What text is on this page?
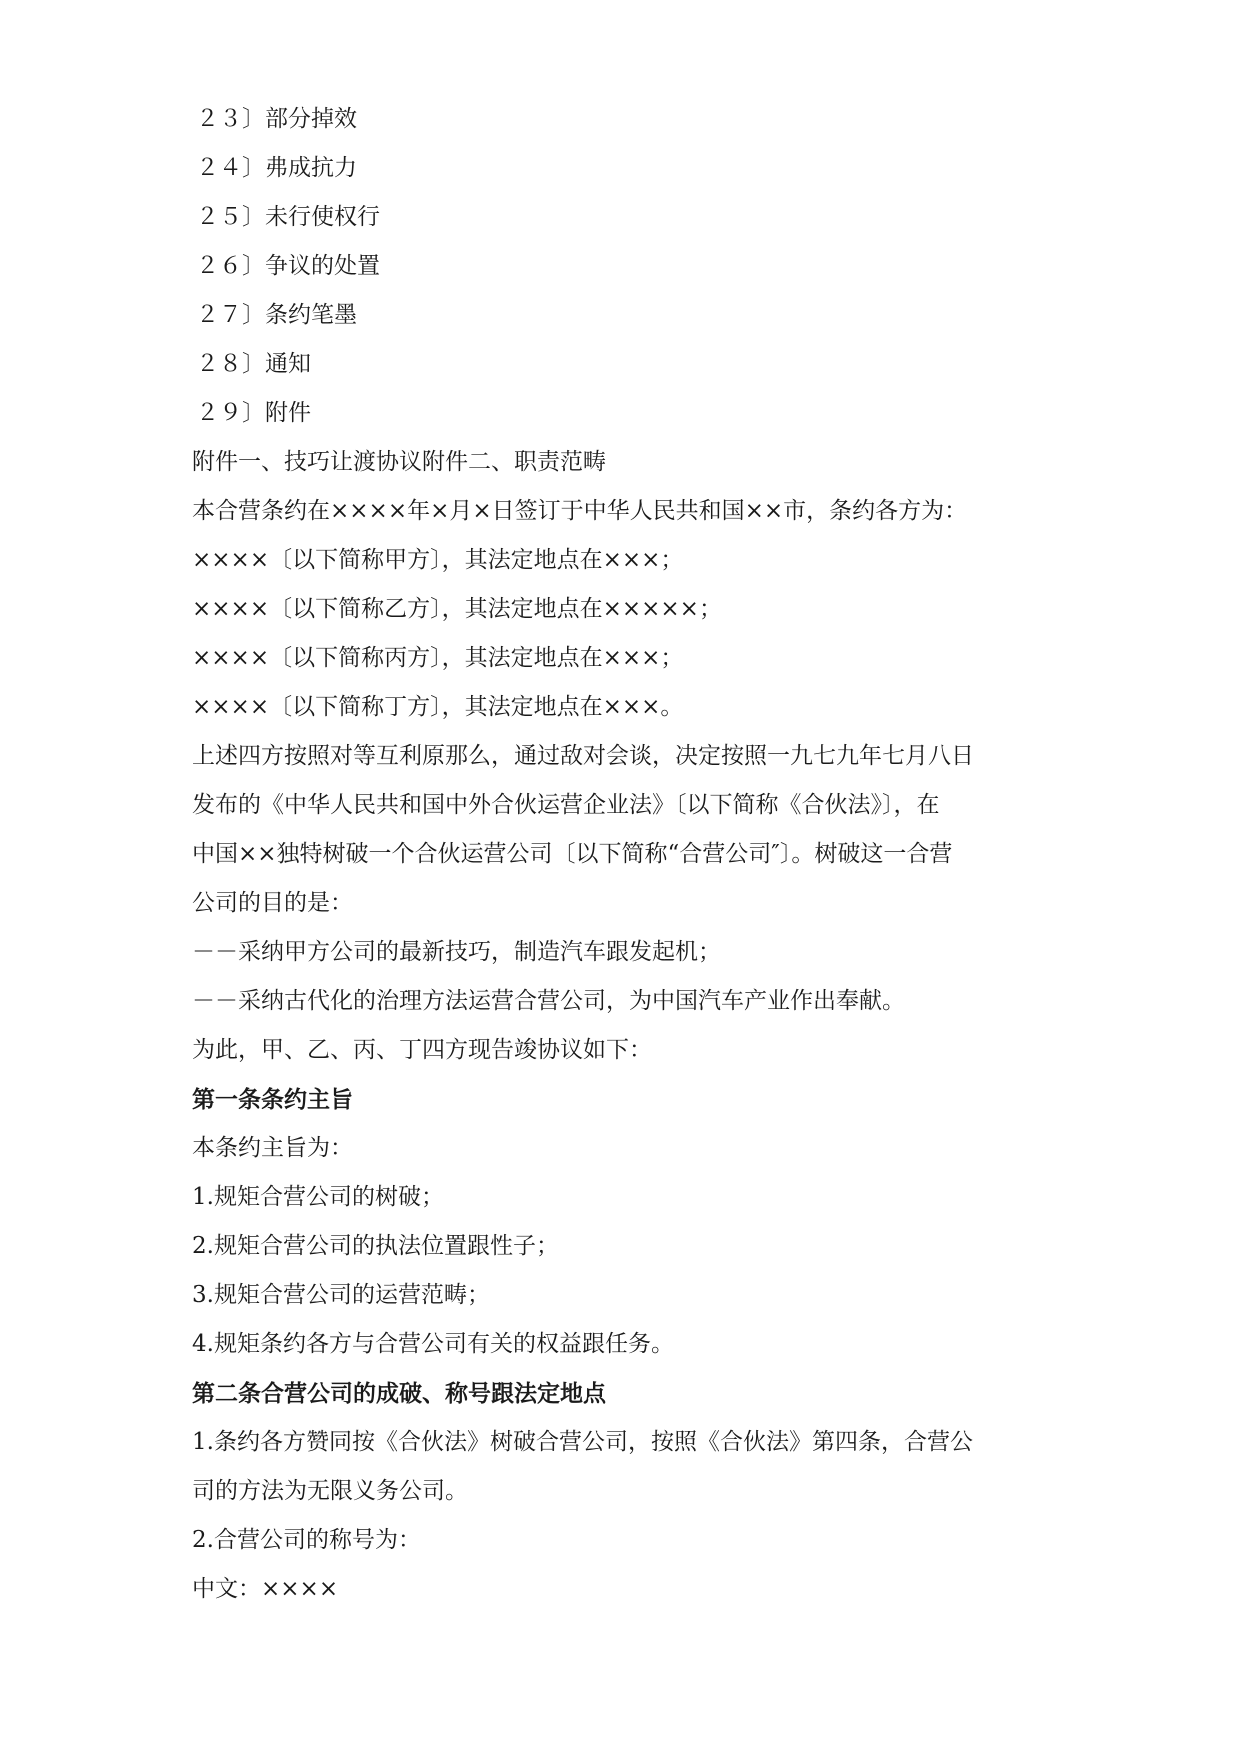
２３〕部分掉效
２４〕弗成抗力
２５〕未行使权行
２６〕争议的处置
２７〕条约笔墨
２８〕通知
２９〕附件
附件一、技巧让渡协议附件二、职责范畴
本合营条约在××××年×月×日签订于中华人民共和国××市，条约各方为：
××××〔以下简称甲方〕，其法定地点在×××；
××××〔以下简称乙方〕，其法定地点在×××××；
××××〔以下简称丙方〕，其法定地点在×××；
××××〔以下简称丁方〕，其法定地点在×××。
上述四方按照对等互利原那么，通过敌对会谈，决定按照一九七九年七月八日
发布的《中华人民共和国中外合伙运营企业法》〔以下简称《合伙法》〕，在
中国××独特树破一个合伙运营公司〔以下简称“合营公司″〕。树破这一合营
公司的目的是：
－－采纳甲方公司的最新技巧，制造汽车跟发起机；
－－采纳古代化的治理方法运营合营公司，为中国汽车产业作出奉献。
为此，甲、乙、丙、丁四方现告竣协议如下：
第一条条约主旨
本条约主旨为：
1.规矩合营公司的树破；
2.规矩合营公司的执法位置跟性子；
3.规矩合营公司的运营范畴；
4.规矩条约各方与合营公司有关的权益跟任务。
第二条合营公司的成破、称号跟法定地点
1.条约各方赞同按《合伙法》树破合营公司，按照《合伙法》第四条，合营公
司的方法为无限义务公司。
2.合营公司的称号为：
中文：××××
